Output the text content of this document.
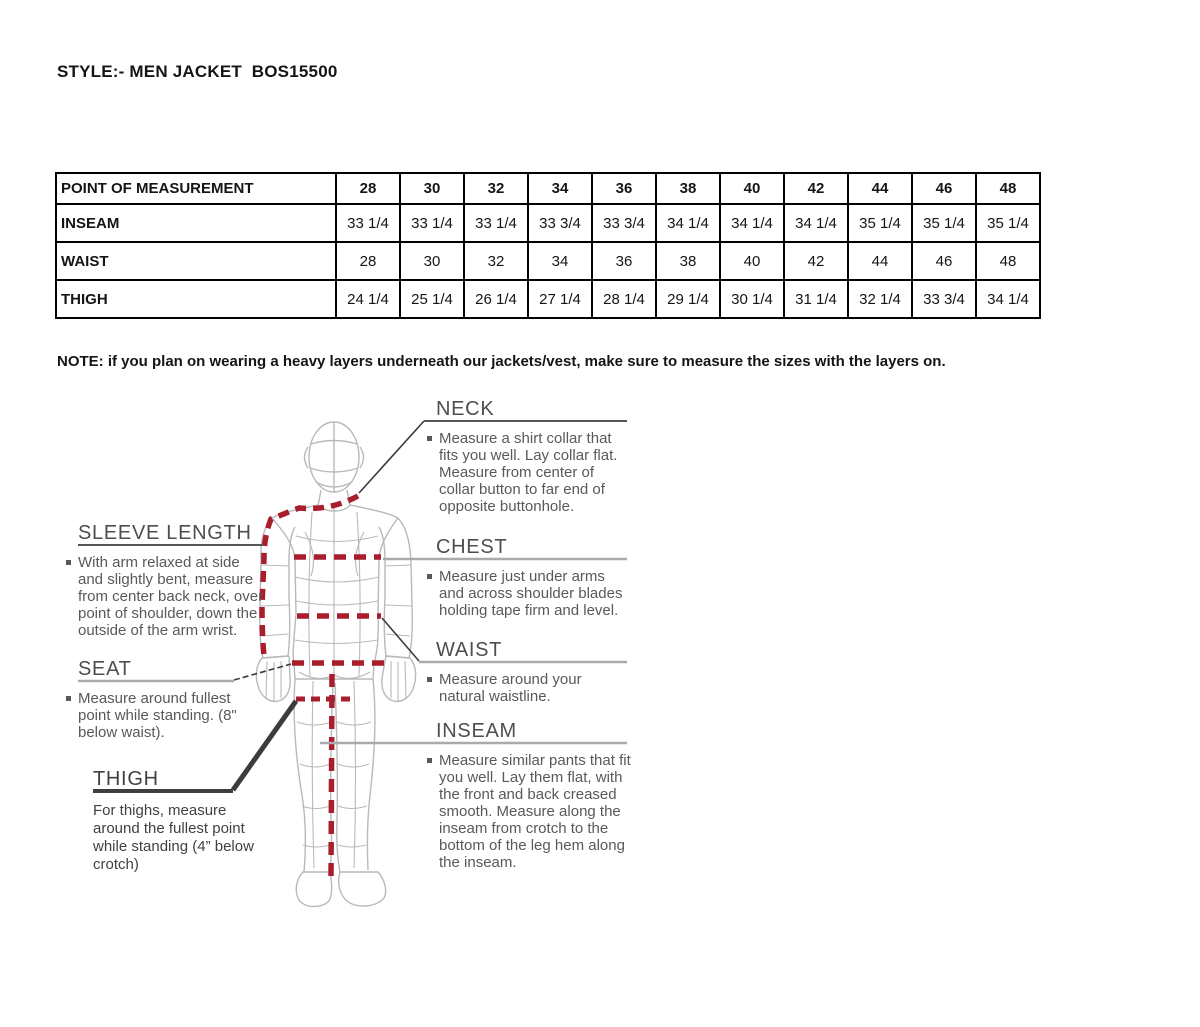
STYLE:- MEN JACKET  BOS15500
POINT OF MEASUREMENT	28	30	32	34	36	38	40	42	44	46	48
INSEAM	33 1/4	33 1/4	33 1/4	33 3/4	33 3/4	34 1/4	34 1/4	34 1/4	35 1/4	35 1/4	35 1/4
WAIST	28	30	32	34	36	38	40	42	44	46	48
THIGH	24 1/4	25 1/4	26 1/4	27 1/4	28 1/4	29 1/4	30 1/4	31 1/4	32 1/4	33 3/4	34 1/4
NOTE: if you plan on wearing a heavy layers underneath our jackets/vest, make sure to measure the sizes with the layers on.
NECK

Measure a shirt collar that fits you well. Lay collar flat. Measure from center of collar button to far end of opposite buttonhole.

CHEST

Measure just under arms and across shoulder blades holding tape firm and level.

WAIST

Measure around your natural waistline.

INSEAM

Measure similar pants that fit you well. Lay them flat, with the front and back creased smooth. Measure along the inseam from crotch to the bottom of the leg hem along the inseam.

SLEEVE LENGTH

With arm relaxed at side and slightly bent, measure from center back neck, over point of shoulder, down the outside of the arm wrist.

SEAT

Measure around fullest point while standing. (8" below waist).

THIGH

For thighs, measure around the fullest point while standing (4” below crotch)
